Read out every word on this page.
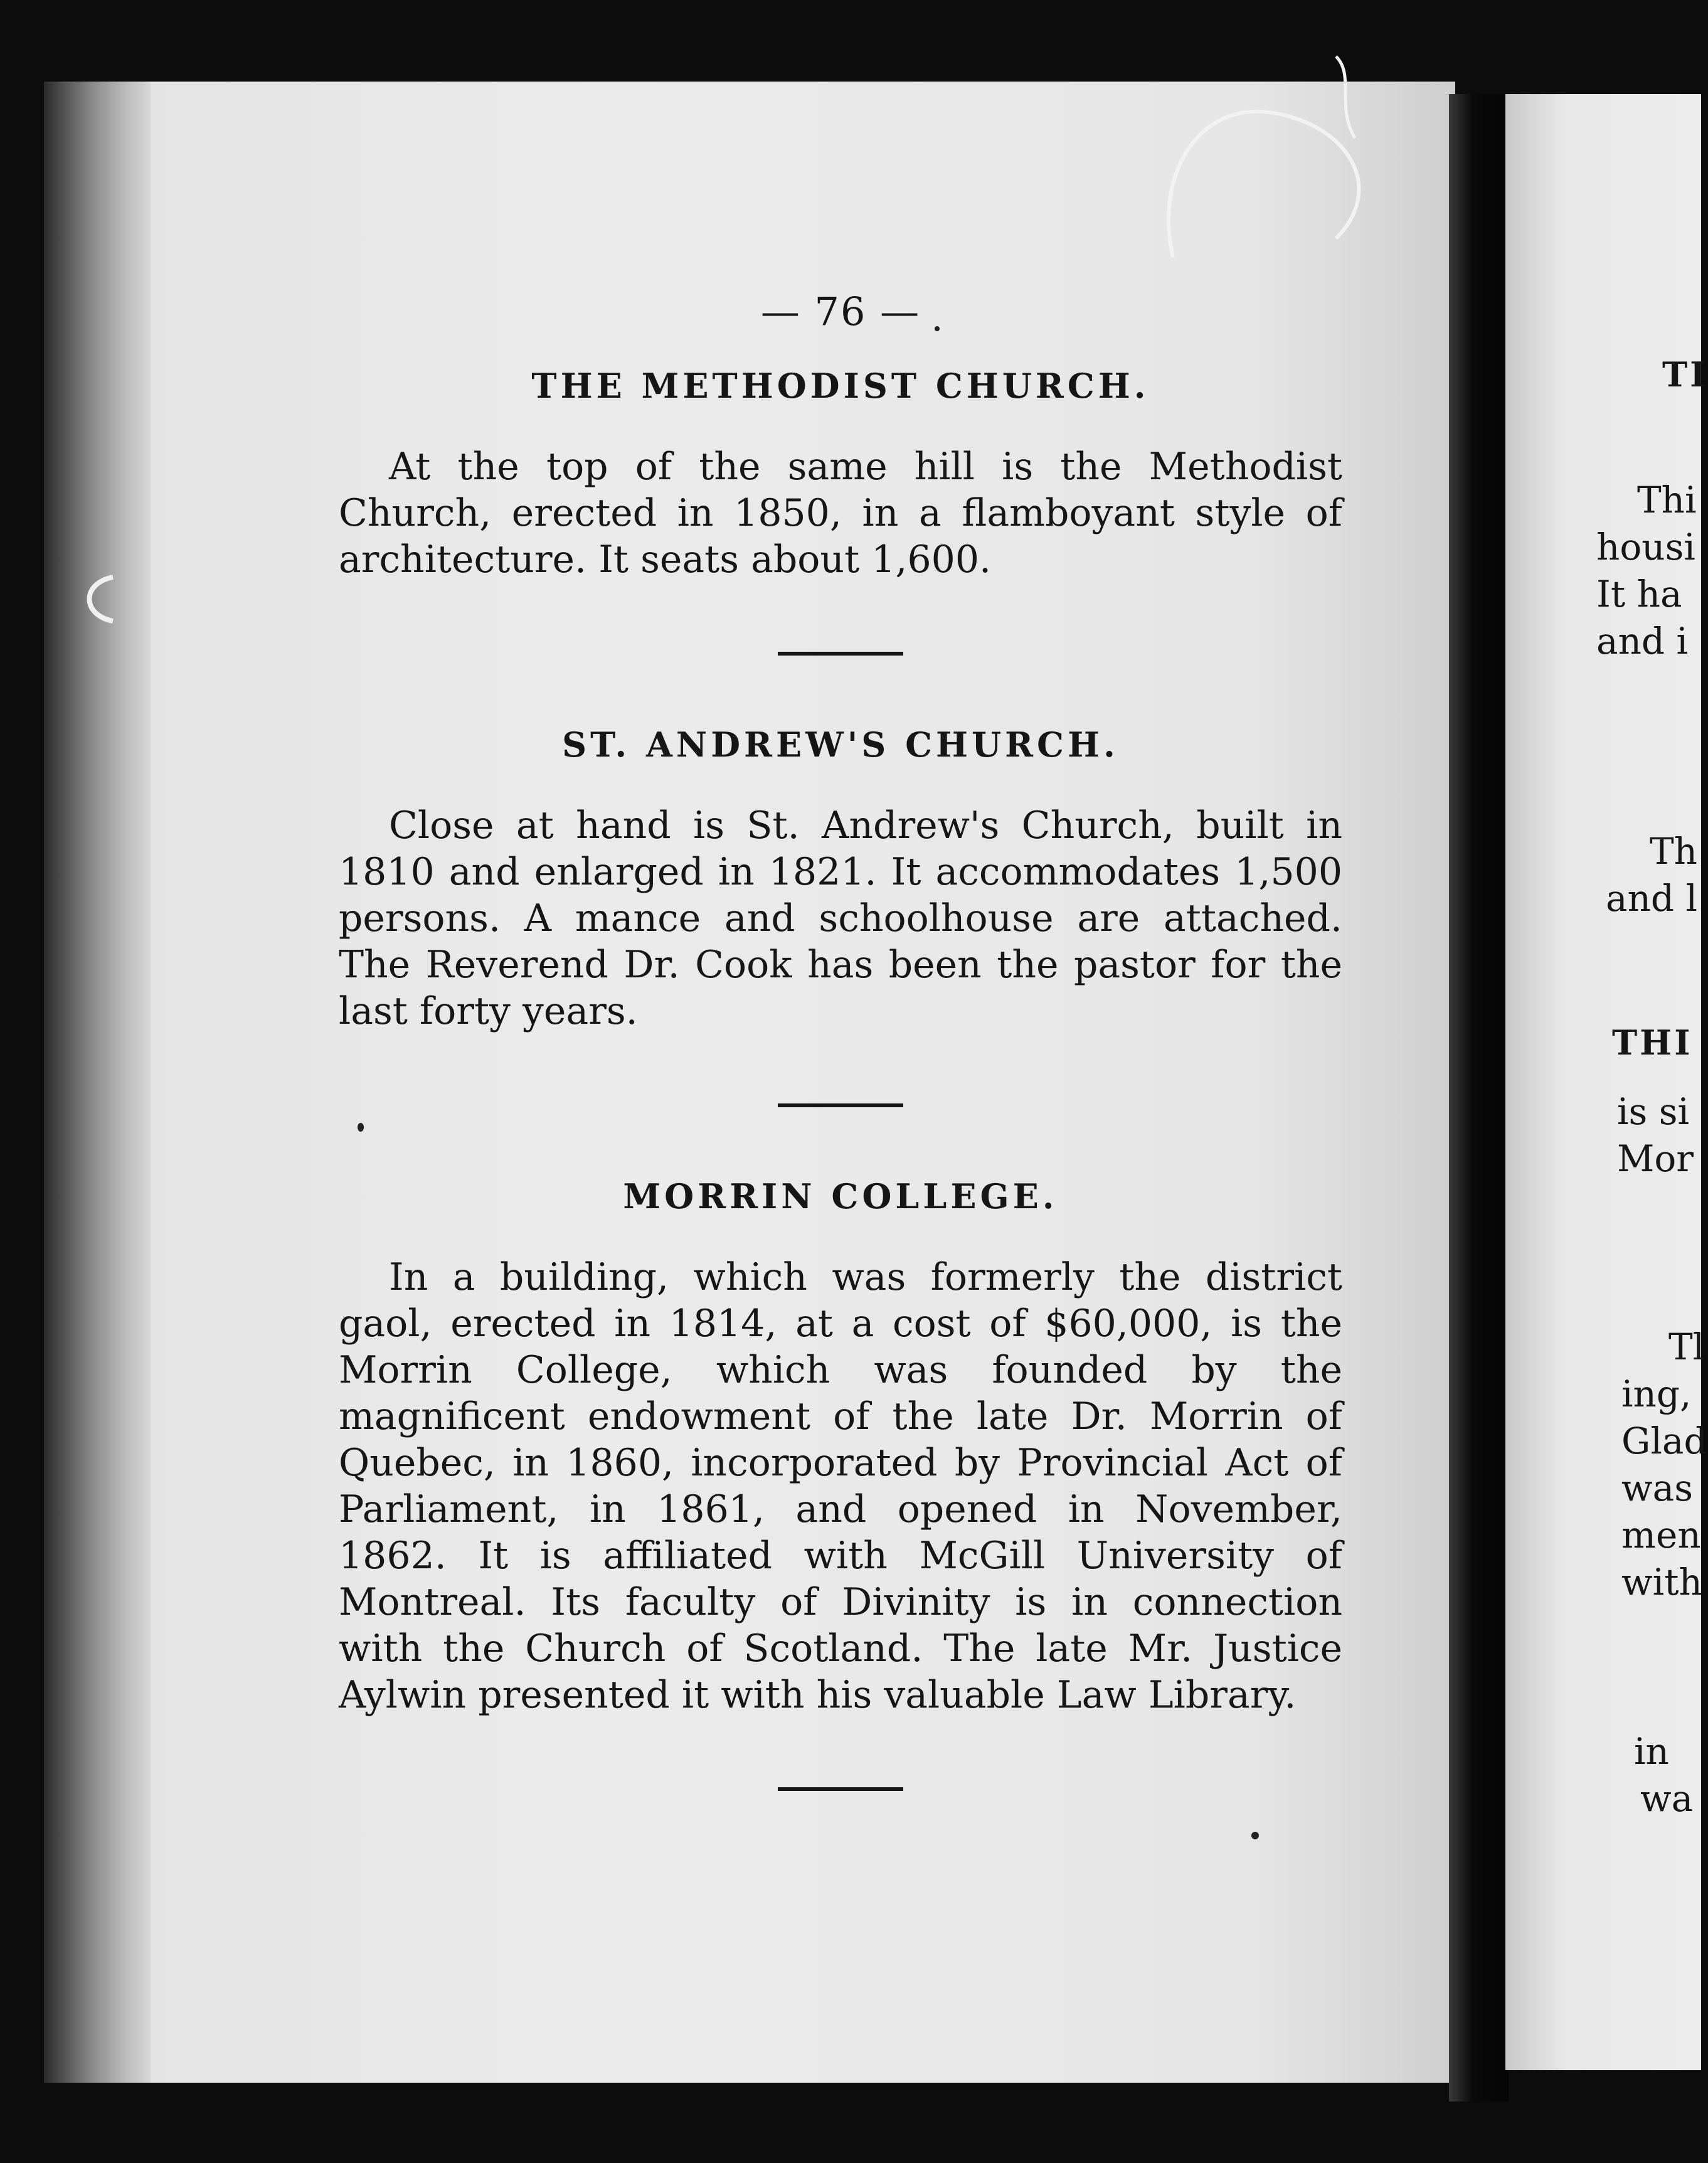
— 76 —

THE METHODIST CHURCH.

At the top of the same hill is the Methodist Church, erected in 1850, in a flamboyant style of architecture. It seats about 1,600.

ST. ANDREW'S CHURCH.

Close at hand is St. Andrew's Church, built in 1810 and enlarged in 1821. It accommodates 1,500 persons. A mance and schoolhouse are attached. The Reverend Dr. Cook has been the pastor for the last forty years.

MORRIN COLLEGE.

In a building, which was formerly the district gaol, erected in 1814, at a cost of $60,000, is the Morrin College, which was founded by the magnificent endowment of the late Dr. Morrin of Quebec, in 1860, incorporated by Provincial Act of Parliament, in 1861, and opened in November, 1862. It is affiliated with McGill University of Montreal. Its faculty of Divinity is in connection with the Church of Scotland. The late Mr. Justice Aylwin presented it with his valuable Law Library.

TI
Thi
housi
It ha
and i
Th
and l
THI
is si
Mor
Tl
ing,
Glad
was
men
with
in
wa
